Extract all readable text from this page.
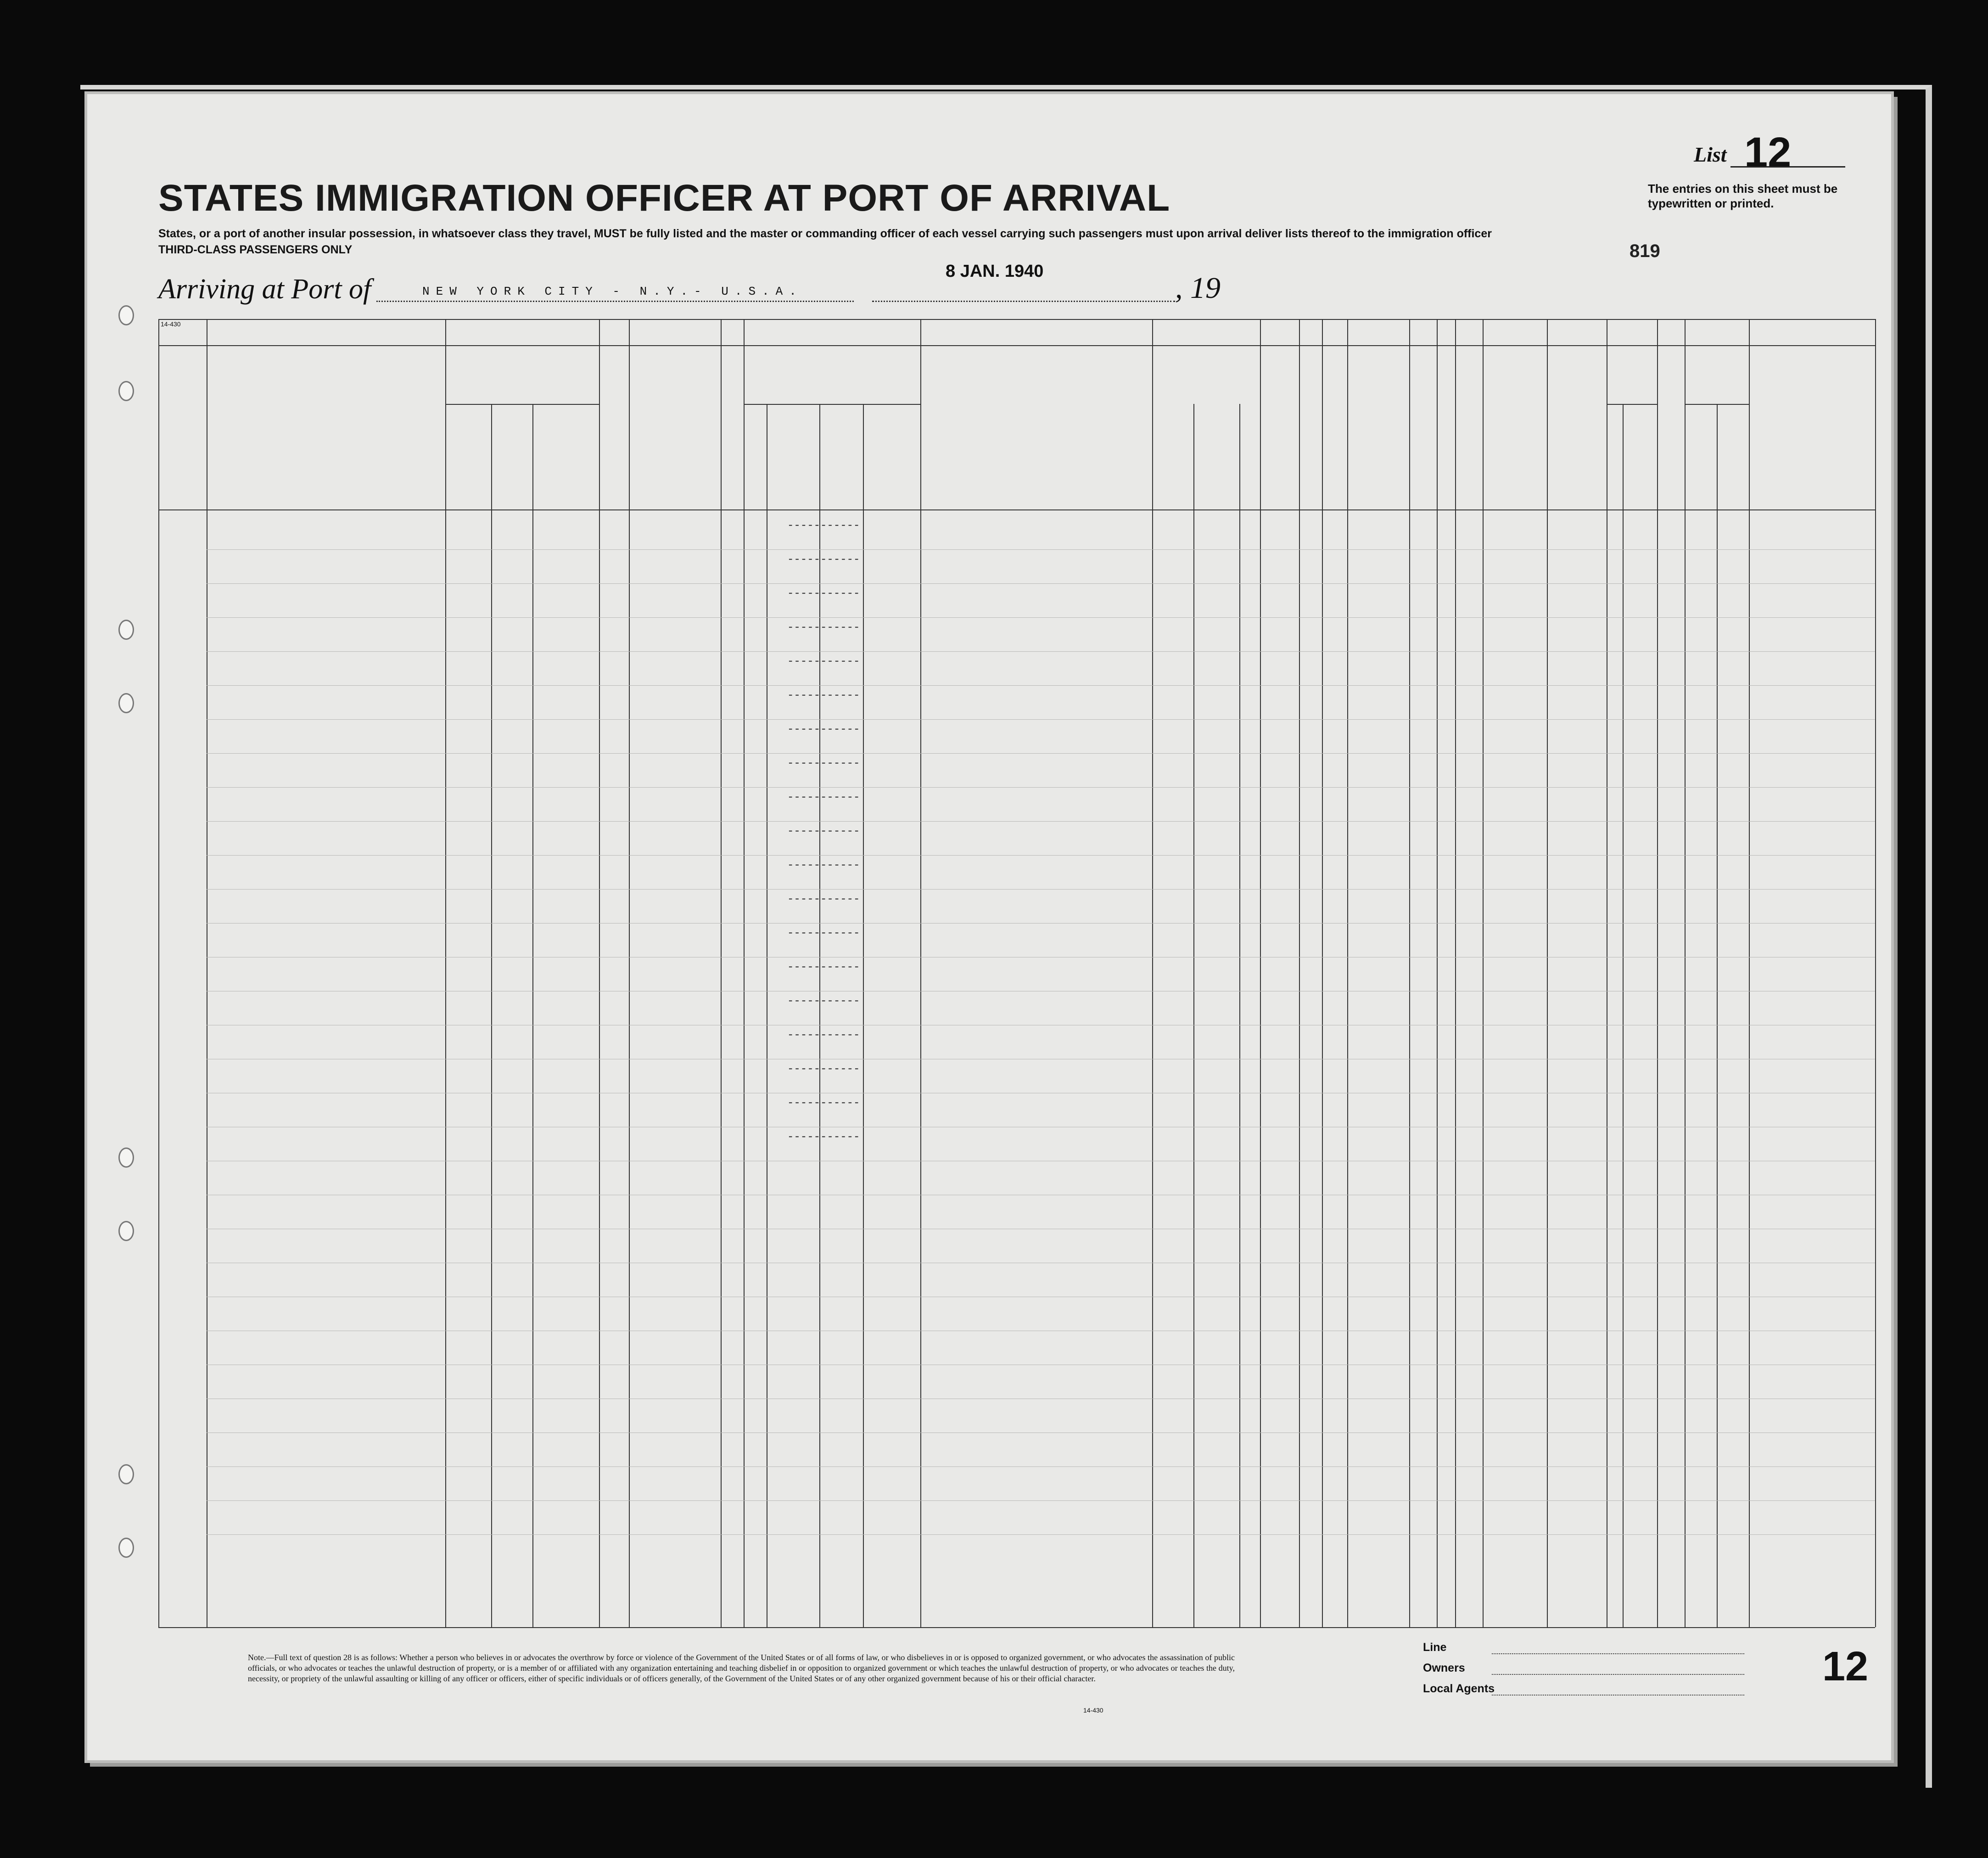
List 12
STATES IMMIGRATION OFFICER AT PORT OF ARRIVAL	The entries on this sheet must be typewritten or printed.
States, or a port of another insular possession, in whatsoever class they travel, MUST be fully listed and the master or commanding officer of each vessel carrying such passengers must upon arrival deliver lists thereof to the immigration officer
THIRD-CLASS PASSENGERS ONLY	819
Arriving at Port of	NEW YORK CITY - N.Y.- U.S.A.
8 JAN. 1940	, 19
14-430
-----------
-----------
-----------
-----------
-----------
-----------
-----------
-----------
-----------
-----------
-----------
-----------
-----------
-----------
-----------
-----------
-----------
-----------
-----------
Note.—Full text of question 28 is as follows: Whether a person who believes in or advocates the overthrow by force or violence of the Government of the United States or of all forms of law, or who disbelieves in or is opposed to organized government, or who advocates the assassination of public officials, or who advocates or teaches the unlawful destruction of property, or is a member of or affiliated with any organization entertaining and teaching disbelief in or opposition to organized government or which teaches the unlawful destruction of property, or who advocates or teaches the duty, necessity, or propriety of the unlawful assaulting or killing of any officer or officers, either of specific individuals or of officers generally, of the Government of the United States or of any other organized government because of his or their official character.
14-430
Line
Owners
Local Agents	12
